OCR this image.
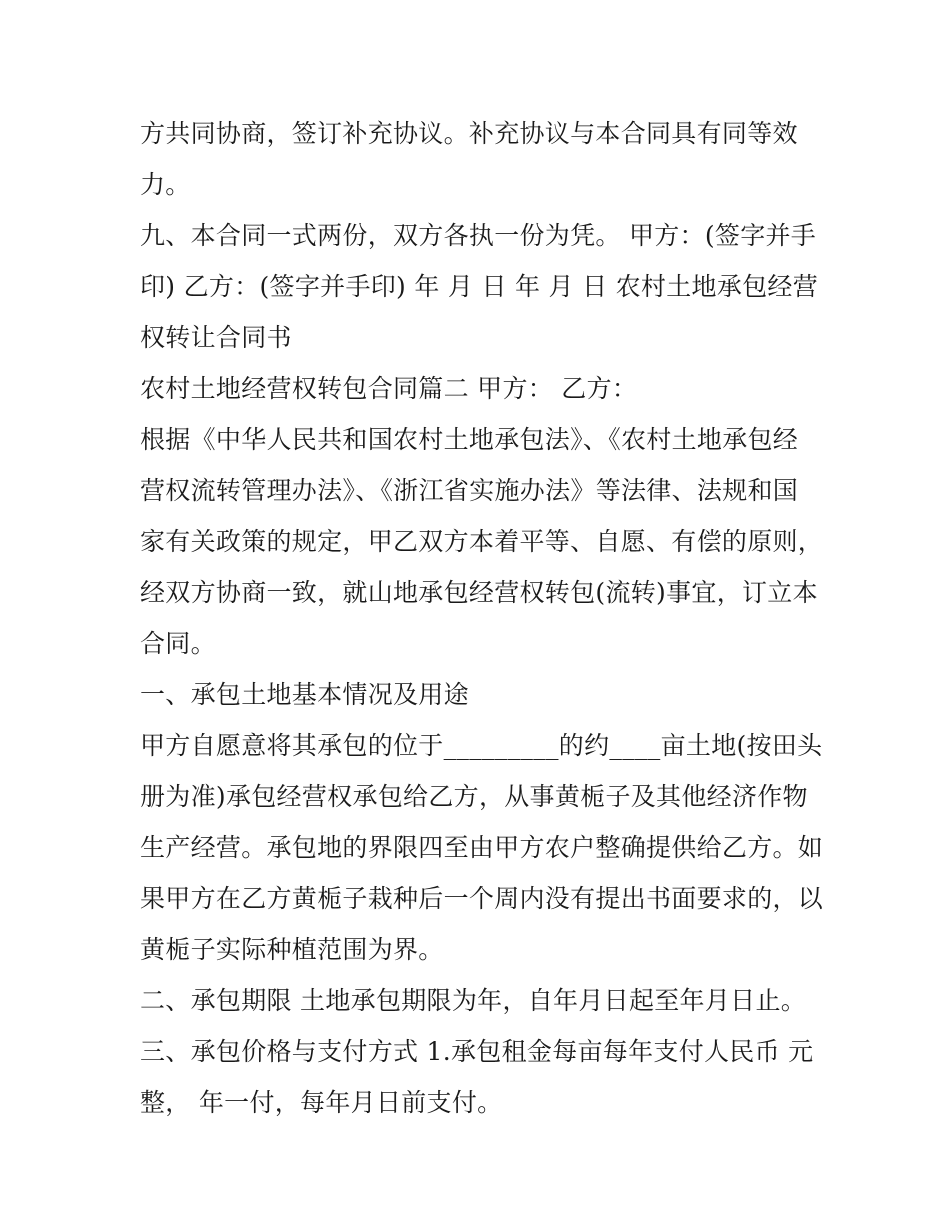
方共同协商，签订补充协议。补充协议与本合同具有同等效
力。
九、本合同一式两份，双方各执一份为凭。 甲方：(签字并手
印) 乙方：(签字并手印) 年 月 日 年 月 日 农村土地承包经营
权转让合同书
农村土地经营权转包合同篇二 甲方： 乙方：
根据《中华人民共和国农村土地承包法》、《农村土地承包经
营权流转管理办法》、《浙江省实施办法》等法律、法规和国
家有关政策的规定，甲乙双方本着平等、自愿、有偿的原则，
经双方协商一致，就山地承包经营权转包(流转)事宜，订立本
合同。
一、承包土地基本情况及用途
甲方自愿意将其承包的位于_________的约____亩土地(按田头
册为准)承包经营权承包给乙方，从事黄栀子及其他经济作物
生产经营。承包地的界限四至由甲方农户整确提供给乙方。如
果甲方在乙方黄栀子栽种后一个周内没有提出书面要求的，以
黄栀子实际种植范围为界。
二、承包期限 土地承包期限为年，自年月日起至年月日止。
三、承包价格与支付方式 1.承包租金每亩每年支付人民币 元
整， 年一付，每年月日前支付。
